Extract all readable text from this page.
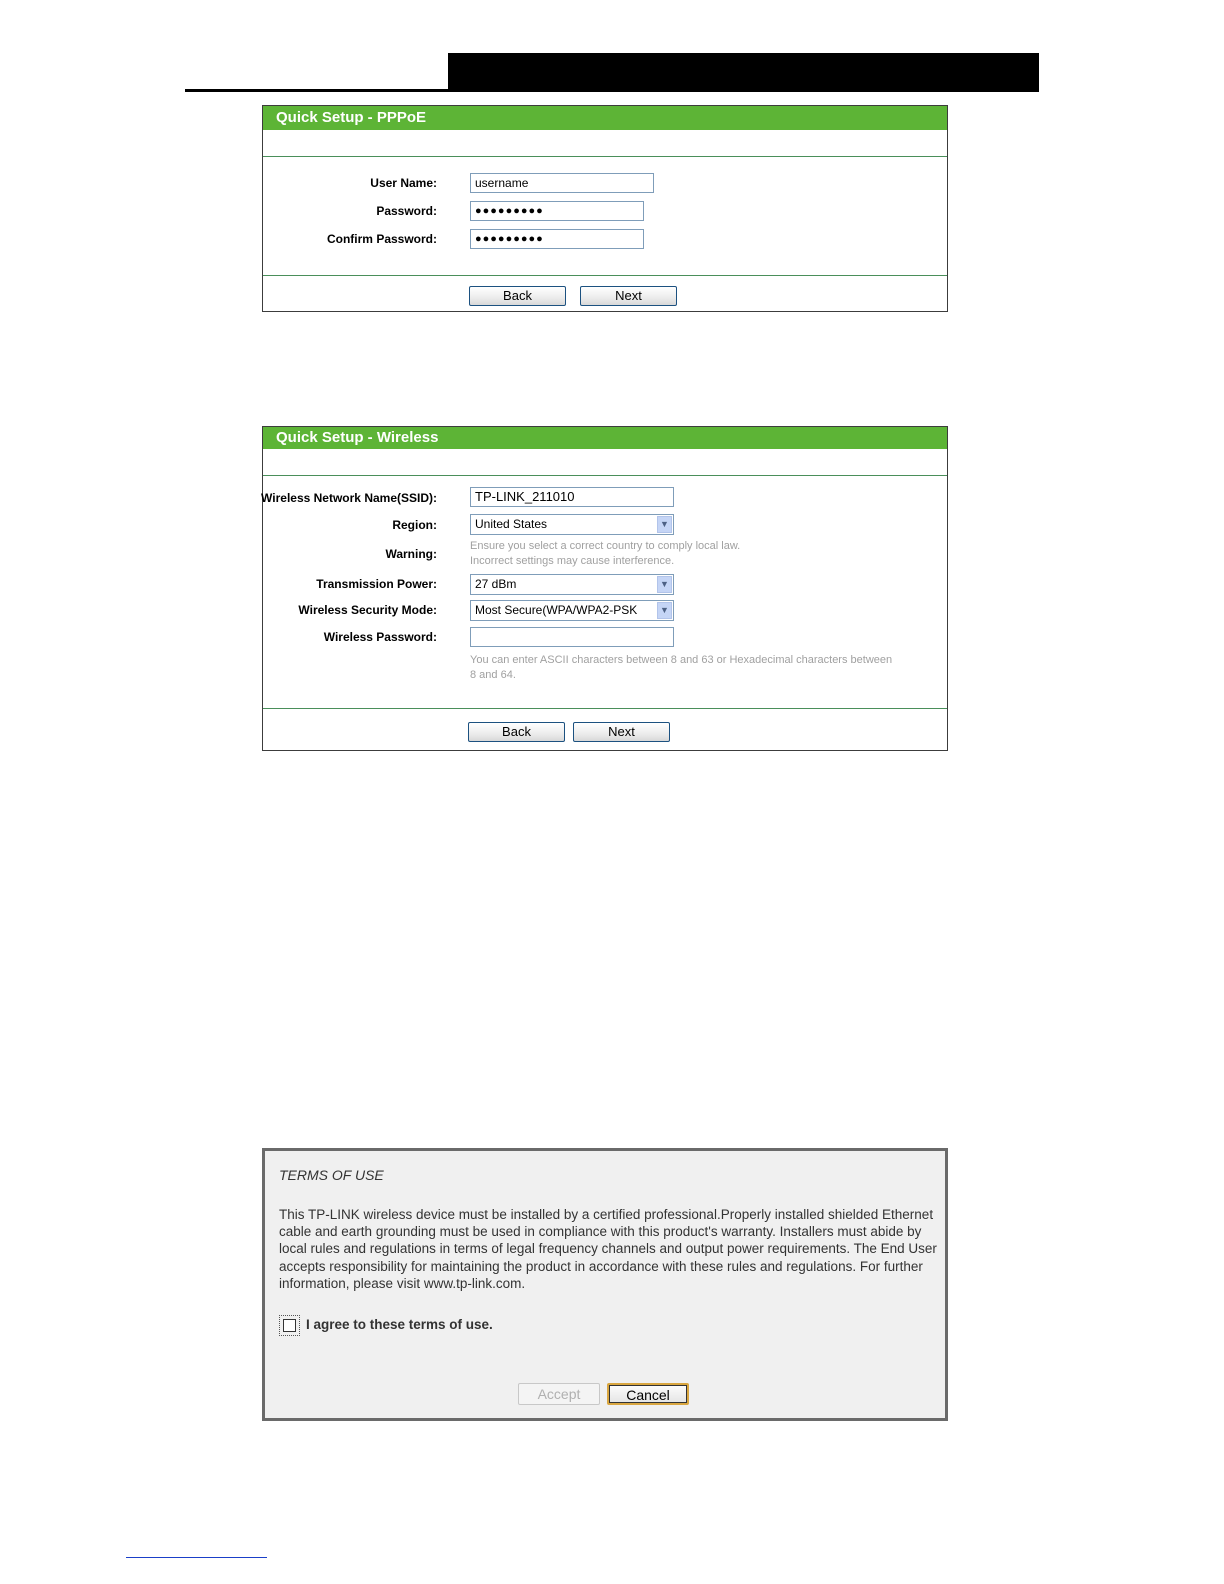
Quick Setup - PPPoE
User Name:	username
Password:	●●●●●●●●●
Confirm Password:	●●●●●●●●●
Back	Next
Quick Setup - Wireless
Wireless Network Name(SSID):	TP-LINK_211010
Region:	United States	▼
Warning:
Ensure you select a correct country to comply local law.
Incorrect settings may cause interference.
Transmission Power:	27 dBm	▼
Wireless Security Mode:	Most Secure(WPA/WPA2-PSK	▼
Wireless Password:
You can enter ASCII characters between 8 and 63 or Hexadecimal characters between
8 and 64.
Back	Next
TERMS OF USE
This TP-LINK wireless device must be installed by a certified professional.Properly installed shielded Ethernet cable and earth grounding must be used in compliance with this product's warranty. Installers must abide by local rules and regulations in terms of legal frequency channels and output power requirements. The End User accepts responsibility for maintaining the product in accordance with these rules and regulations. For further information, please visit www.tp-link.com.
I agree to these terms of use.
Accept	Cancel
